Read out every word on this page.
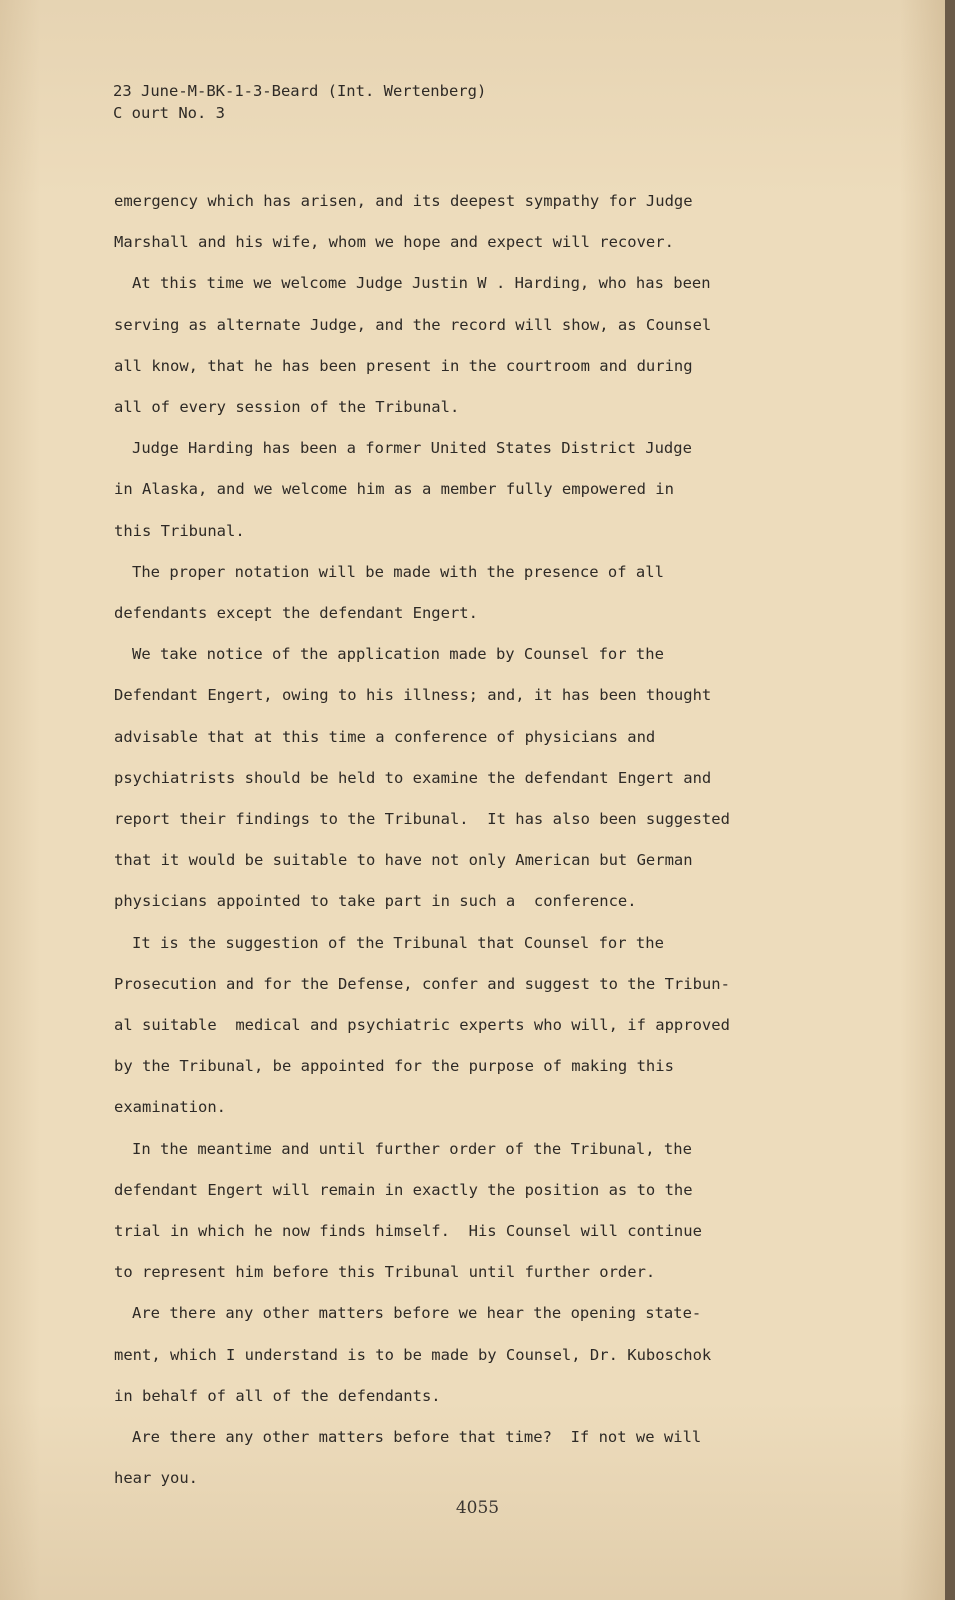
23 June-M-BK-1-3-Beard (Int. Wertenberg)
C ourt No. 3
emergency which has arisen, and its deepest sympathy for Judge
Marshall and his wife, whom we hope and expect will recover.
At this time we welcome Judge Justin W . Harding, who has been
serving as alternate Judge, and the record will show, as Counsel
all know, that he has been present in the courtroom and during
all of every session of the Tribunal.
Judge Harding has been a former United States District Judge
in Alaska, and we welcome him as a member fully empowered in
this Tribunal.
The proper notation will be made with the presence of all
defendants except the defendant Engert.
We take notice of the application made by Counsel for the
Defendant Engert, owing to his illness; and, it has been thought
advisable that at this time a conference of physicians and
psychiatrists should be held to examine the defendant Engert and
report their findings to the Tribunal.  It has also been suggested
that it would be suitable to have not only American but German
physicians appointed to take part in such a  conference.
It is the suggestion of the Tribunal that Counsel for the
Prosecution and for the Defense, confer and suggest to the Tribun-
al suitable  medical and psychiatric experts who will, if approved
by the Tribunal, be appointed for the purpose of making this
examination.
In the meantime and until further order of the Tribunal, the
defendant Engert will remain in exactly the position as to the
trial in which he now finds himself.  His Counsel will continue
to represent him before this Tribunal until further order.
Are there any other matters before we hear the opening state-
ment, which I understand is to be made by Counsel, Dr. Kuboschok
in behalf of all of the defendants.
Are there any other matters before that time?  If not we will
hear you.
4055
